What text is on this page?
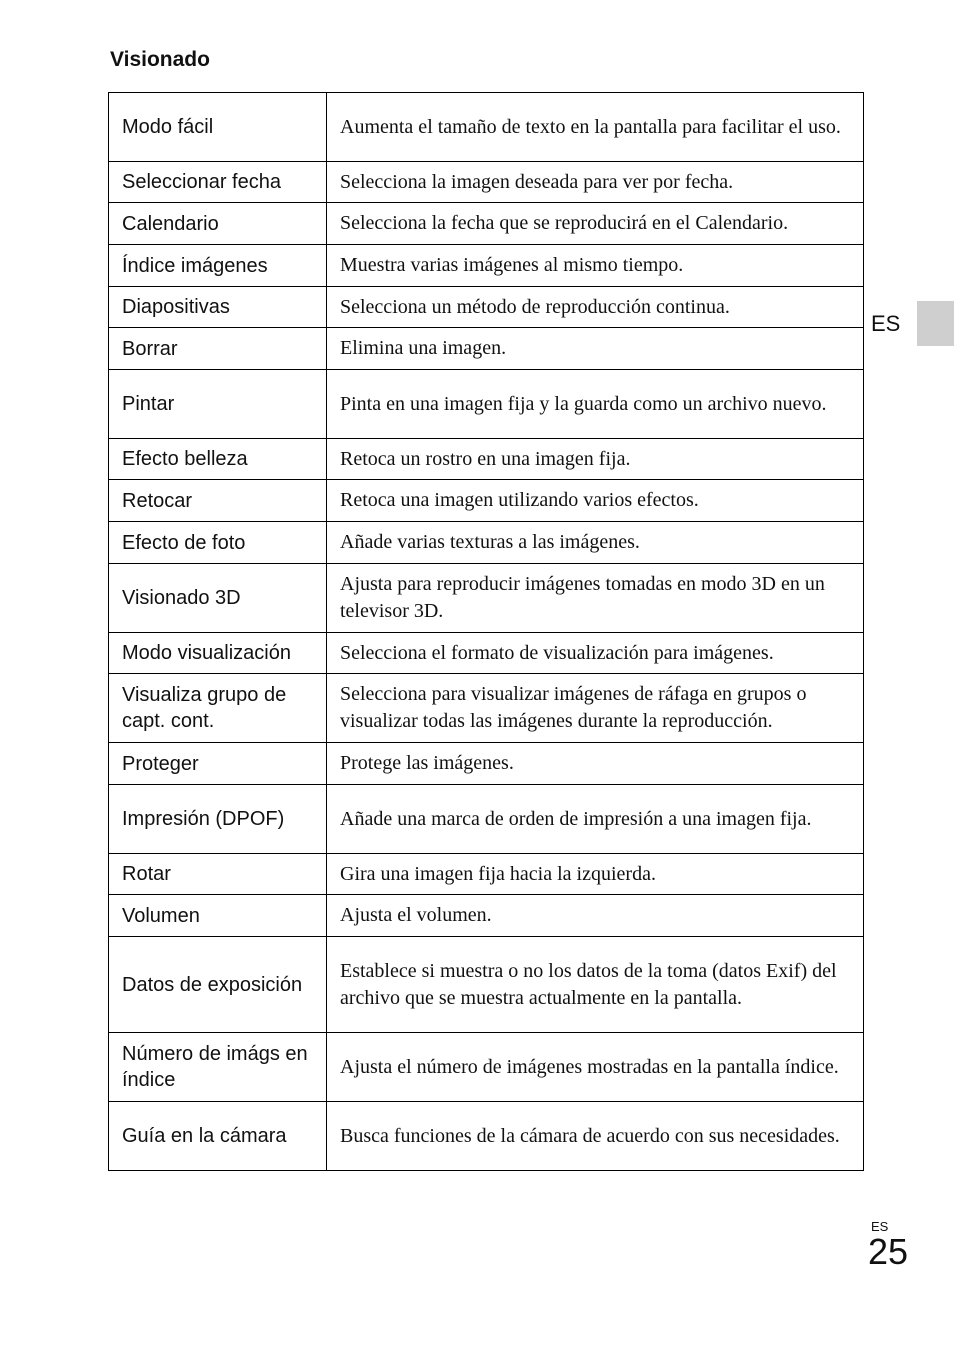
Visionado
Modo fácil	Aumenta el tamaño de texto en la pantalla para facilitar el uso.
Seleccionar fecha	Selecciona la imagen deseada para ver por fecha.
Calendario	Selecciona la fecha que se reproducirá en el Calendario.
Índice imágenes	Muestra varias imágenes al mismo tiempo.
Diapositivas	Selecciona un método de reproducción continua.
Borrar	Elimina una imagen.
Pintar	Pinta en una imagen fija y la guarda como un archivo nuevo.
Efecto belleza	Retoca un rostro en una imagen fija.
Retocar	Retoca una imagen utilizando varios efectos.
Efecto de foto	Añade varias texturas a las imágenes.
Visionado 3D	Ajusta para reproducir imágenes tomadas en modo 3D en un televisor 3D.
Modo visualización	Selecciona el formato de visualización para imágenes.
Visualiza grupo de capt. cont.	Selecciona para visualizar imágenes de ráfaga en grupos o visualizar todas las imágenes durante la reproducción.
Proteger	Protege las imágenes.
Impresión (DPOF)	Añade una marca de orden de impresión a una imagen fija.
Rotar	Gira una imagen fija hacia la izquierda.
Volumen	Ajusta el volumen.
Datos de exposición	Establece si muestra o no los datos de la toma (datos Exif) del archivo que se muestra actualmente en la pantalla.
Número de imágs en índice	Ajusta el número de imágenes mostradas en la pantalla índice.
Guía en la cámara	Busca funciones de la cámara de acuerdo con sus necesidades.
ES
ES
25
